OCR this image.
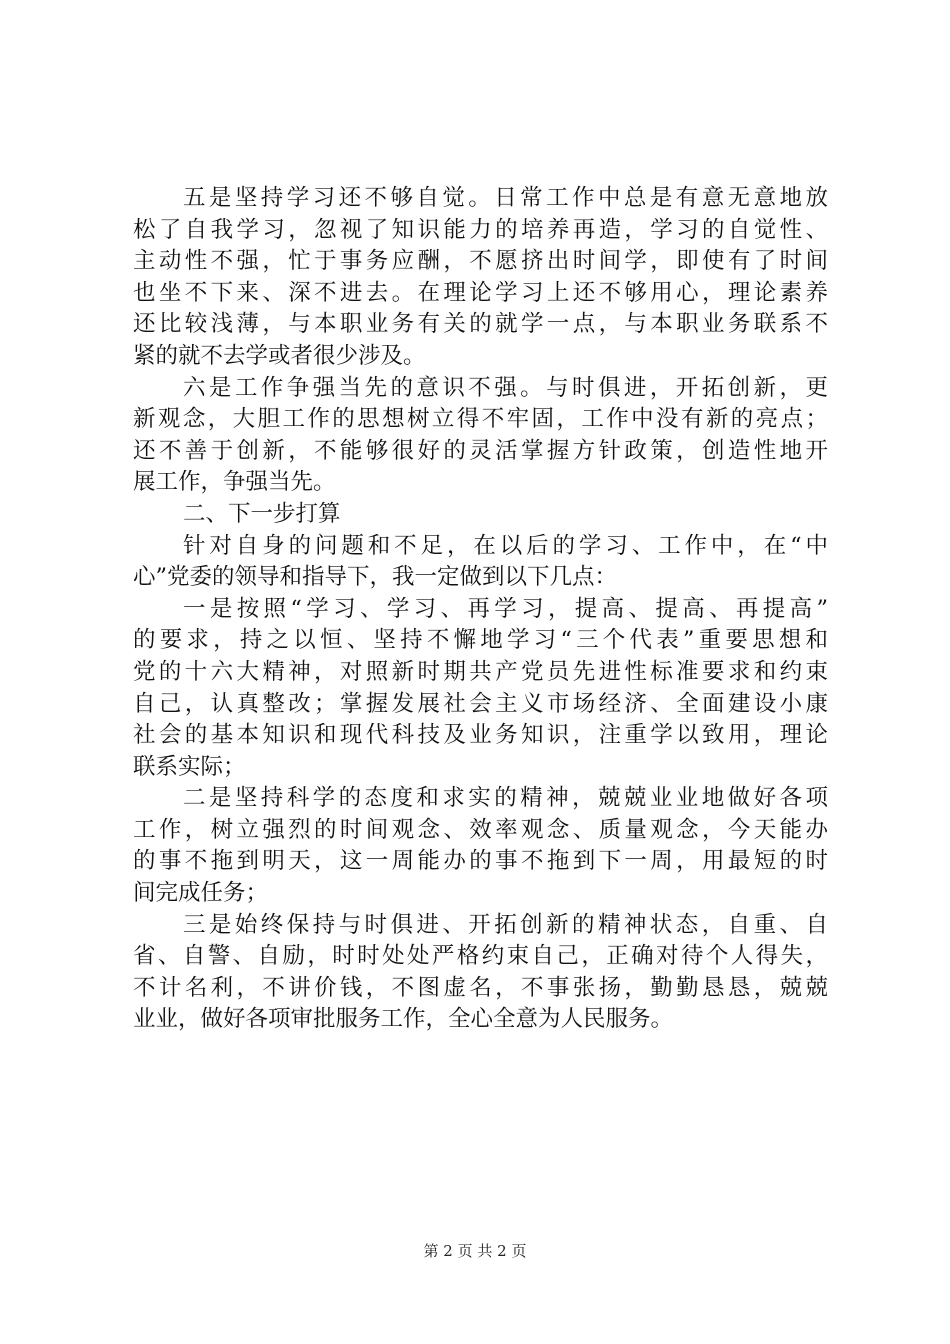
五是坚持学习还不够自觉。日常工作中总是有意无意地放
松了自我学习，忽视了知识能力的培养再造，学习的自觉性、
主动性不强，忙于事务应酬，不愿挤出时间学，即使有了时间
也坐不下来、深不进去。在理论学习上还不够用心，理论素养
还比较浅薄，与本职业务有关的就学一点，与本职业务联系不
紧的就不去学或者很少涉及。
六是工作争强当先的意识不强。与时俱进，开拓创新，更
新观念，大胆工作的思想树立得不牢固，工作中没有新的亮点；
还不善于创新，不能够很好的灵活掌握方针政策，创造性地开
展工作，争强当先。
二、下一步打算
针对自身的问题和不足，在以后的学习、工作中，在“中
心”党委的领导和指导下，我一定做到以下几点：
一是按照“学习、学习、再学习，提高、提高、再提高”
的要求，持之以恒、坚持不懈地学习“三个代表”重要思想和
党的十六大精神，对照新时期共产党员先进性标准要求和约束
自己，认真整改；掌握发展社会主义市场经济、全面建设小康
社会的基本知识和现代科技及业务知识，注重学以致用，理论
联系实际；
二是坚持科学的态度和求实的精神，兢兢业业地做好各项
工作，树立强烈的时间观念、效率观念、质量观念，今天能办
的事不拖到明天，这一周能办的事不拖到下一周，用最短的时
间完成任务；
三是始终保持与时俱进、开拓创新的精神状态，自重、自
省、自警、自励，时时处处严格约束自己，正确对待个人得失，
不计名利，不讲价钱，不图虚名，不事张扬，勤勤恳恳，兢兢
业业，做好各项审批服务工作，全心全意为人民服务。
第 2 页 共 2 页
